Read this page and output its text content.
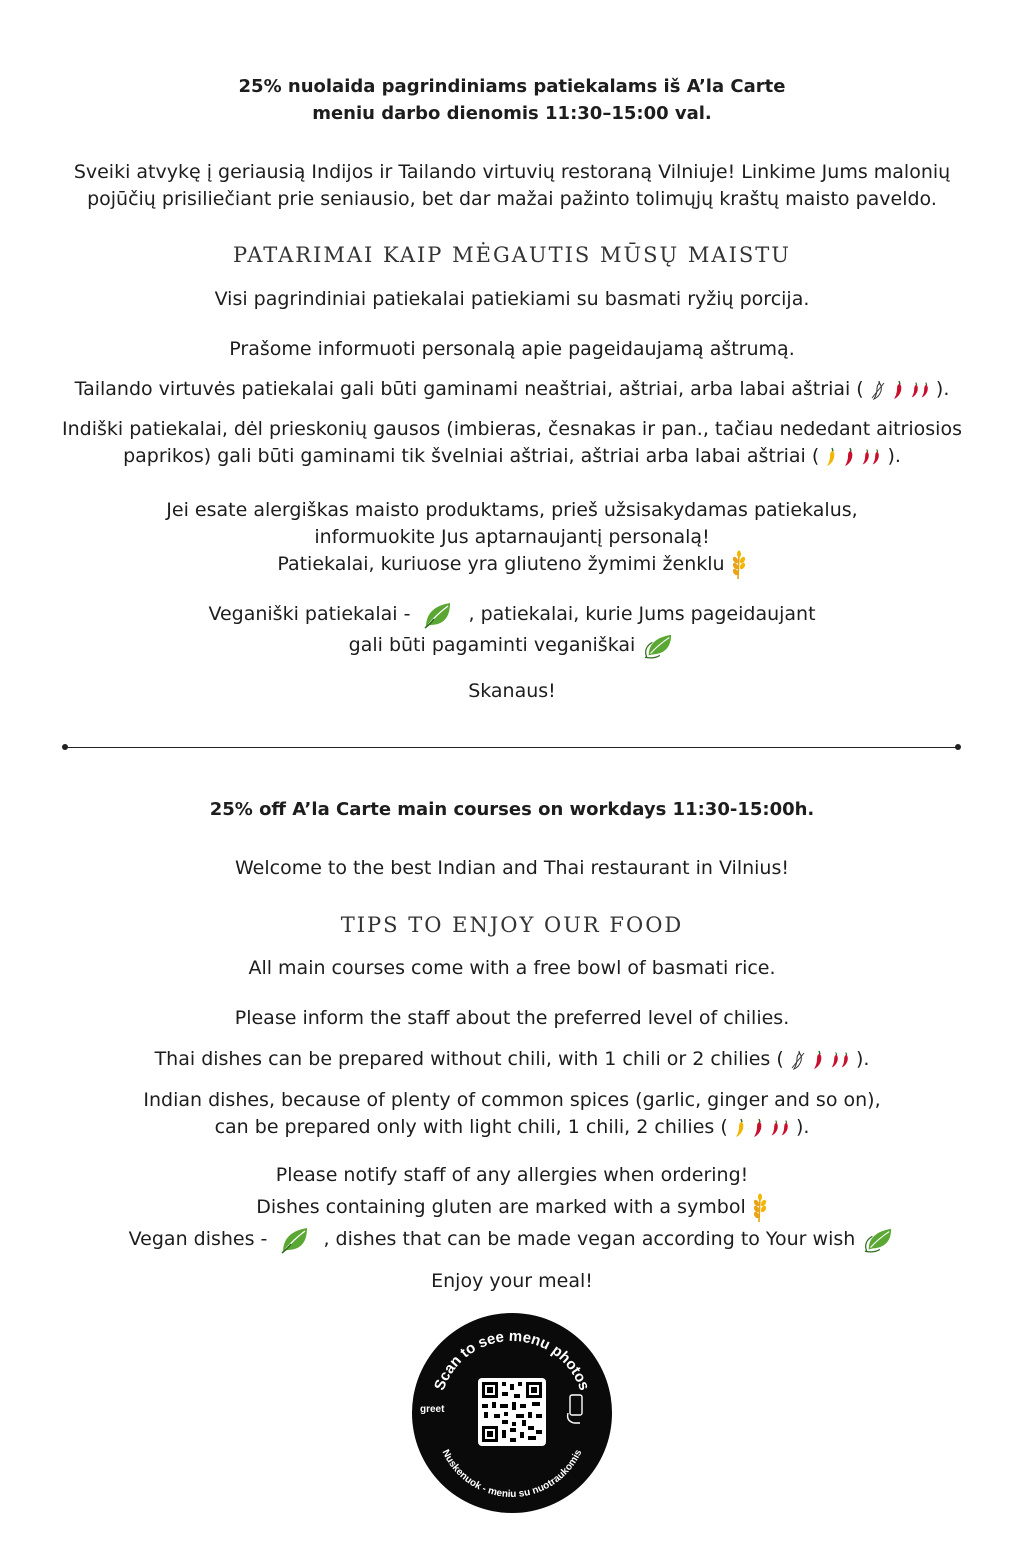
25% nuolaida pagrindiniams patiekalams iš A’la Carte
meniu darbo dienomis 11:30–15:00 val.
Sveiki atvykę į geriausią Indijos ir Tailando virtuvių restoraną Vilniuje! Linkime Jums malonių
pojūčių prisiliečiant prie seniausio, bet dar mažai pažinto tolimųjų kraštų maisto paveldo.
PATARIMAI KAIP MĖGAUTIS MŪSŲ MAISTU
Visi pagrindiniai patiekalai patiekiami su basmati ryžių porcija.
Prašome informuoti personalą apie pageidaujamą aštrumą.
Tailando virtuvės patiekalai gali būti gaminami neaštriai, aštriai, arba labai aštriai (	).
Indiški patiekalai, dėl prieskonių gausos (imbieras, česnakas ir pan., tačiau nededant aitriosios
paprikos) gali būti gaminami tik švelniai aštriai, aštriai arba labai aštriai (	).
Jei esate alergiškas maisto produktams, prieš užsisakydamas patiekalus,
informuokite Jus aptarnaujantį personalą!
Patiekalai, kuriuose yra gliuteno žymimi ženklu
Veganiški patiekalai -	, patiekalai, kurie Jums pageidaujant
gali būti pagaminti veganiškai
Skanaus!
25% off A’la Carte main courses on workdays 11:30-15:00h.
Welcome to the best Indian and Thai restaurant in Vilnius!
TIPS TO ENJOY OUR FOOD
All main courses come with a free bowl of basmati rice.
Please inform the staff about the preferred level of chilies.
Thai dishes can be prepared without chili, with 1 chili or 2 chilies (	).
Indian dishes, because of plenty of common spices (garlic, ginger and so on),
can be prepared only with light chili, 1 chili, 2 chilies (	).
Please notify staff of any allergies when ordering!
Dishes containing gluten are marked with a symbol
Vegan dishes -	, dishes that can be made vegan according to Your wish
Enjoy your meal!
Scan to see menu photos
Nuskenuok - meniu su nuotraukomis
greet
